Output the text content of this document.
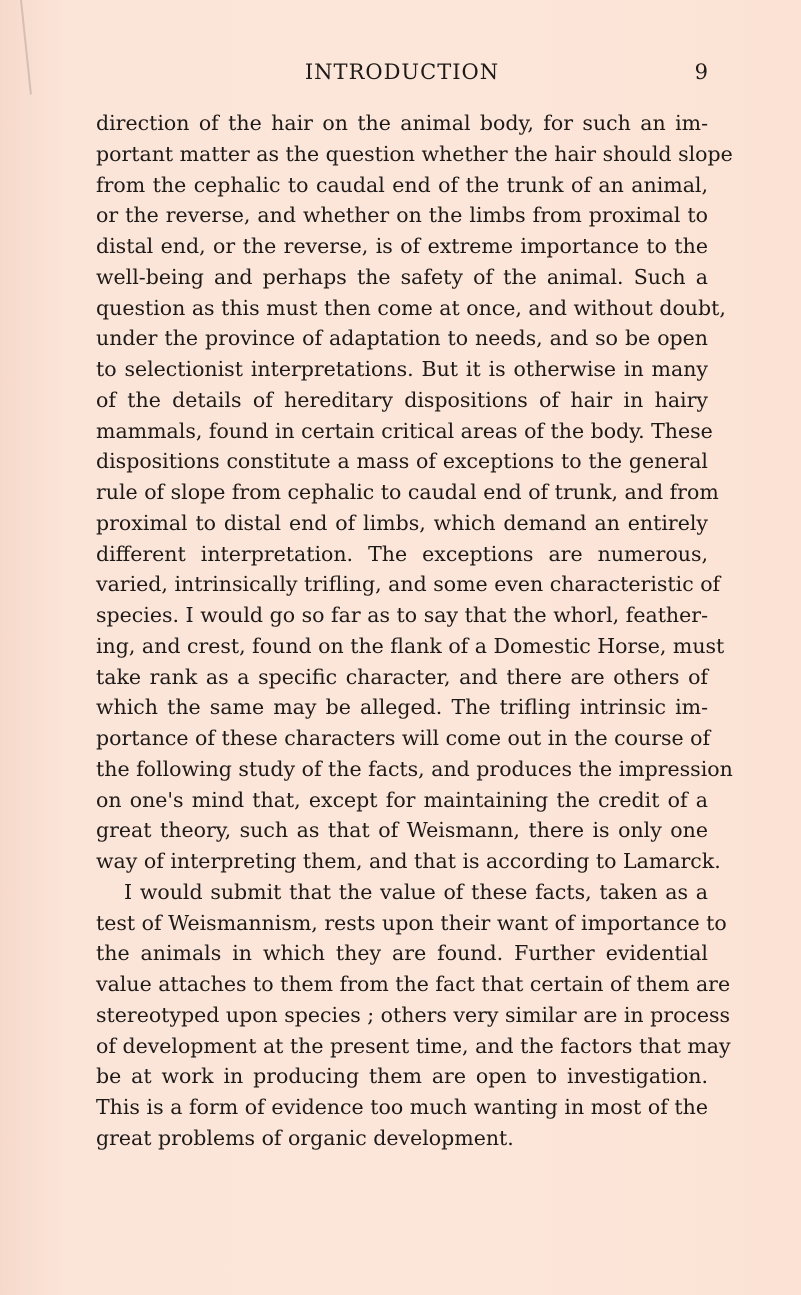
INTRODUCTION	9
direction of the hair on the animal body, for such an im-
portant matter as the question whether the hair should slope
from the cephalic to caudal end of the trunk of an animal,
or the reverse, and whether on the limbs from proximal to
distal end, or the reverse, is of extreme importance to the
well-being and perhaps the safety of the animal. Such a
question as this must then come at once, and without doubt,
under the province of adaptation to needs, and so be open
to selectionist interpretations. But it is otherwise in many
of the details of hereditary dispositions of hair in hairy
mammals, found in certain critical areas of the body. These
dispositions constitute a mass of exceptions to the general
rule of slope from cephalic to caudal end of trunk, and from
proximal to distal end of limbs, which demand an entirely
different interpretation. The exceptions are numerous,
varied, intrinsically trifling, and some even characteristic of
species. I would go so far as to say that the whorl, feather-
ing, and crest, found on the flank of a Domestic Horse, must
take rank as a specific character, and there are others of
which the same may be alleged. The trifling intrinsic im-
portance of these characters will come out in the course of
the following study of the facts, and produces the impression
on one's mind that, except for maintaining the credit of a
great theory, such as that of Weismann, there is only one
way of interpreting them, and that is according to Lamarck.
I would submit that the value of these facts, taken as a
test of Weismannism, rests upon their want of importance to
the animals in which they are found. Further evidential
value attaches to them from the fact that certain of them are
stereotyped upon species ; others very similar are in process
of development at the present time, and the factors that may
be at work in producing them are open to investigation.
This is a form of evidence too much wanting in most of the
great problems of organic development.
